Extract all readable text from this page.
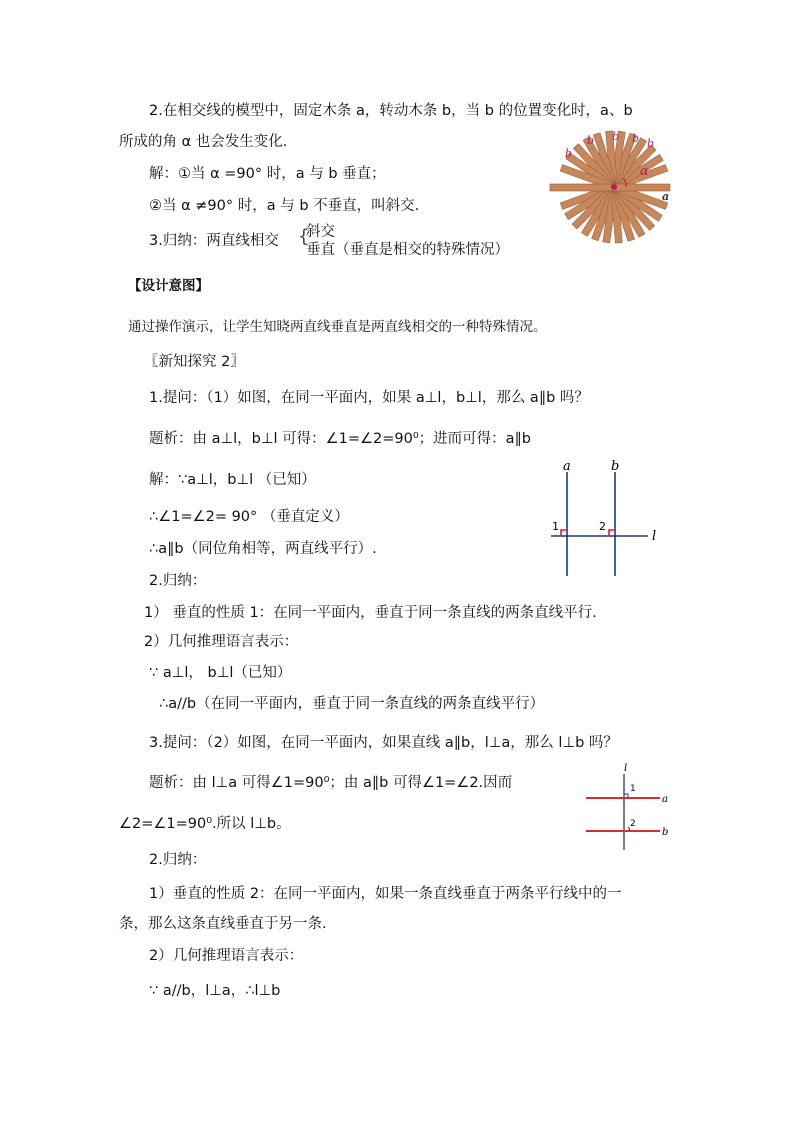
2.在相交线的模型中，固定木条 a，转动木条 b，当 b 的位置变化时，a、b
所成的角 α 也会发生变化.
解：①当 α =90° 时，a 与 b 垂直；
②当 α ≠90° 时，a 与 b 不垂直，叫斜交.
3.归纳：两直线相交 {
斜交
垂直（垂直是相交的特殊情况）
α
a
b
b b b b
【设计意图】
通过操作演示，让学生知晓两直线垂直是两直线相交的一种特殊情况。
〖新知探究 2〗
1.提问：（1）如图，在同一平面内，如果 a⊥l，b⊥l，那么 a∥b 吗？
题析：由 a⊥l，b⊥l 可得：∠1=∠2=90⁰；进而可得：a∥b
解：∵a⊥l，b⊥l （已知）
∴∠1=∠2= 90° （垂直定义）
∴a∥b（同位角相等，两直线平行）.
2.归纳：
1） 垂直的性质 1：在同一平面内，垂直于同一条直线的两条直线平行.
2）几何推理语言表示：
∵ a⊥l， b⊥l（已知）
∴a//b（在同一平面内，垂直于同一条直线的两条直线平行）
a	b
l
1	2
3.提问：（2）如图，在同一平面内，如果直线 a∥b，l⊥a，那么 l⊥b 吗？
题析：由 l⊥a 可得∠1=90⁰；由 a∥b 可得∠1=∠2.因而
∠2=∠1=90⁰.所以 l⊥b。
l
a
b
1
2
2.归纳：
1）垂直的性质 2：在同一平面内，如果一条直线垂直于两条平行线中的一
条，那么这条直线垂直于另一条.
2）几何推理语言表示：
∵ a//b，l⊥a，∴l⊥b
